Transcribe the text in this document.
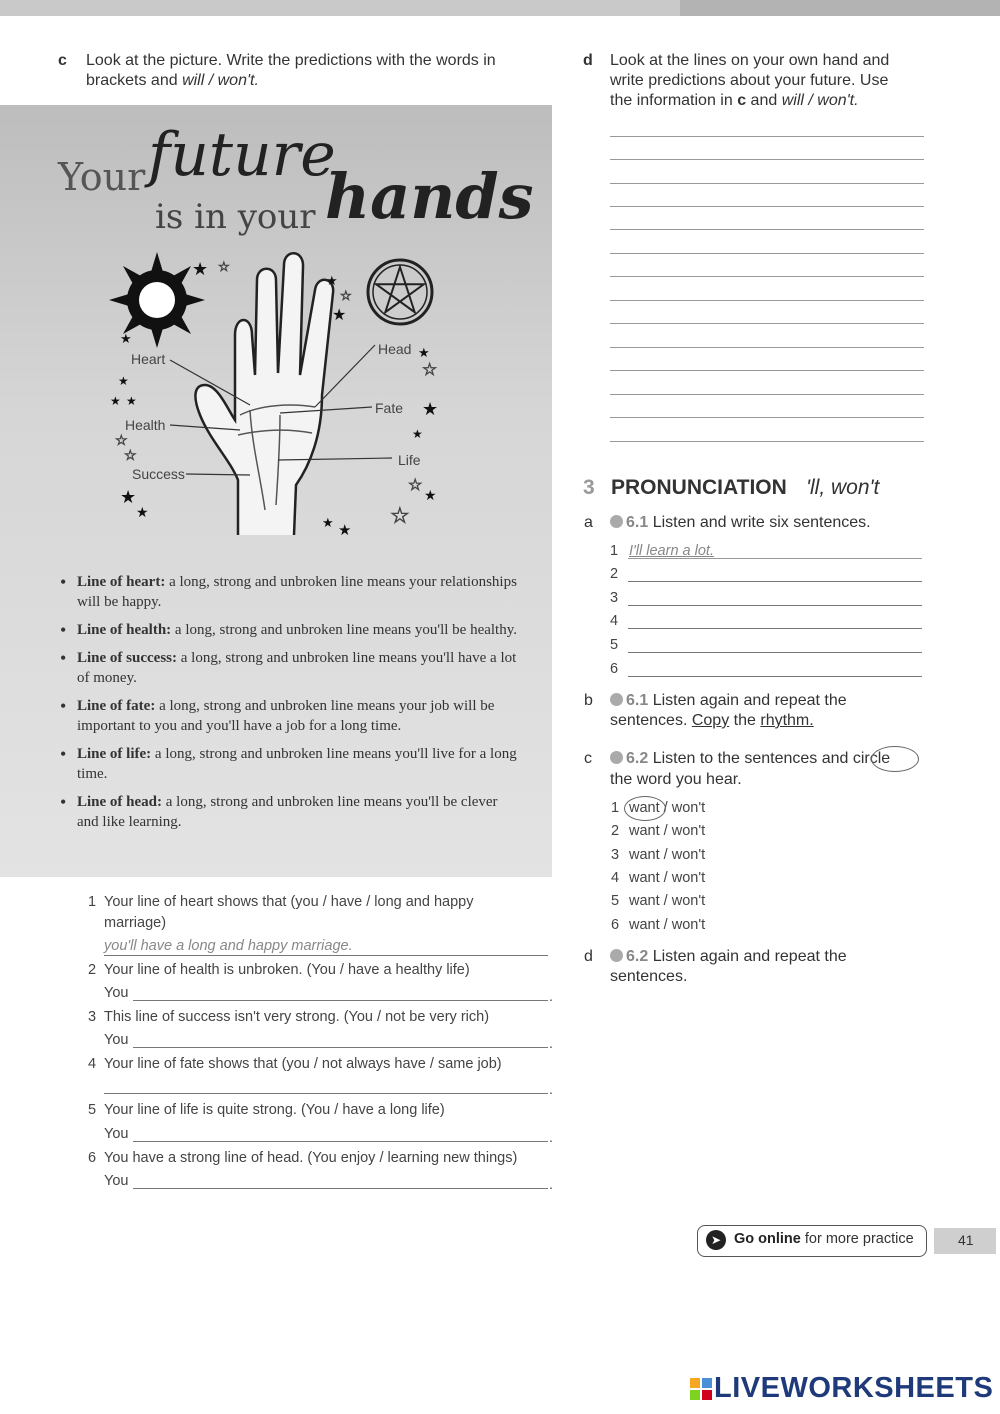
c Look at the picture. Write the predictions with the words in brackets and will / won't.
Your future
is in your hands
★ ☆
★
★
☆
★
★
★ ★
☆
☆
★
★
★
☆
★
★
☆
★
☆
★ ★
Heart
Health
Success
Head
Fate
Life
• Line of heart: a long, strong and unbroken line means your relationships will be happy.
• Line of health: a long, strong and unbroken line means you'll be healthy.
• Line of success: a long, strong and unbroken line means you'll have a lot of money.
• Line of fate: a long, strong and unbroken line means your job will be important to you and you'll have a job for a long time.
• Line of life: a long, strong and unbroken line means you'll live for a long time.
• Line of head: a long, strong and unbroken line means you'll be clever and like learning.
1 Your line of heart shows that (you / have / long and happy
marriage)
you'll have a long and happy marriage.
2 Your line of health is unbroken. (You / have a healthy life)
You	.
3 This line of success isn't very strong. (You / not be very rich)
You	.
4 Your line of fate shows that (you / not always have / same job)
.
5 Your line of life is quite strong. (You / have a long life)
You	.
6 You have a strong line of head. (You enjoy / learning new things)
You	.
d Look at the lines on your own hand and
write predictions about your future. Use
the information in c and will / won't.
3 PRONUNCIATION 'll, won't
a	6.1 Listen and write six sentences.
1 I'll learn a lot.
2
3
4
5
6
b	6.1 Listen again and repeat the
sentences. Copy the rhythm.
c	6.2 Listen to the sentences and circle
the word you hear.
1 want / won't
2 want / won't
3 want / won't
4 want / won't
5 want / won't
6 want / won't
d	6.2 Listen again and repeat the
sentences.
➤ Go online for more practice	41
LIVEWORKSHEETS
